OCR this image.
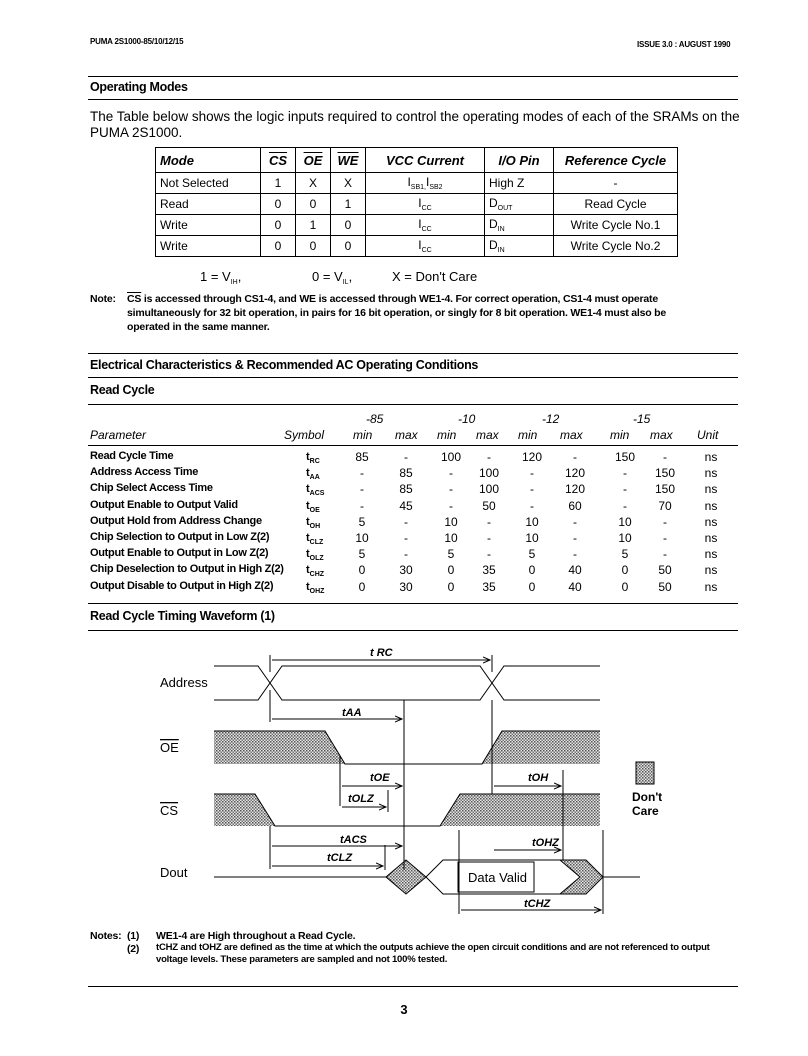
PUMA 2S1000-85/10/12/15	ISSUE 3.0 : AUGUST 1990
Operating Modes
The Table below shows the logic inputs required to control the operating modes of each of the SRAMs on the PUMA 2S1000.
Mode	$\overline{CS}$	$\overline{OE}$	$\overline{WE}$	VCC Current	I/O Pin	Reference Cycle
Not Selected	1	X	X	$I_{SB1,}I_{SB2}$	High Z	-
Read	0	0	1	$I_{CC}$	$D_{OUT}$	Read Cycle
Write	0	1	0	$I_{CC}$	$D_{IN}$	Write Cycle No.1
Write	0	0	0	$I_{CC}$	$D_{IN}$	Write Cycle No.2
$1 = V_{IH}$,	$0 = V_{IL}$,	X = Don't Care
Note: $\overline{CS}$ is accessed through CS1-4, and WE is accessed through WE1-4. For correct operation, CS1-4 must operate
simultaneously for 32 bit operation, in pairs for 16 bit operation, or singly for 8 bit operation. WE1-4 must also be
operated in the same manner.
Electrical Characteristics & Recommended AC Operating Conditions
Read Cycle
-85	-10	-12	-15
Parameter	Symbol min max min max min max min max Unit
Read Cycle Time	$t_{RC}$	85	-	100	-	120	-	150	-	ns
Address Access Time	$t_{AA}$	-	85	-	100	-	120	-	150	ns
Chip Select Access Time	$t_{ACS}$	-	85	-	100	-	120	-	150	ns
Output Enable to Output Valid	$t_{OE}$	-	45	-	50	-	60	-	70	ns
Output Hold from Address Change	$t_{OH}$	5	-	10	-	10	-	10	-	ns
Chip Selection to Output in Low Z(2)	$t_{CLZ}$	10	-	10	-	10	-	10	-	ns
Output Enable to Output in Low Z(2)	$t_{OLZ}$	5	-	5	-	5	-	5	-	ns
Chip Deselection to Output in High Z(2) $t_{CHZ}$	0	30	0	35	0	40	0	50	ns
Output Disable to Output in High Z(2)	$t_{OHZ}$	0	30	0	35	0	40	0	50	ns
Read Cycle Timing Waveform (1)
Address
OE
CS
Dout	Data Valid
t RC
tAA
tOE	tOH
tOLZ
tACS	tOHZ
tCLZ
tCHZ
Don't
Care
Notes: (1) WE1-4 are High throughout a Read Cycle.
(2) tCHZ and tOHZ are defined as the time at which the outputs achieve the open circuit conditions and are not referenced to output voltage levels. These parameters are sampled and not 100% tested.
3
